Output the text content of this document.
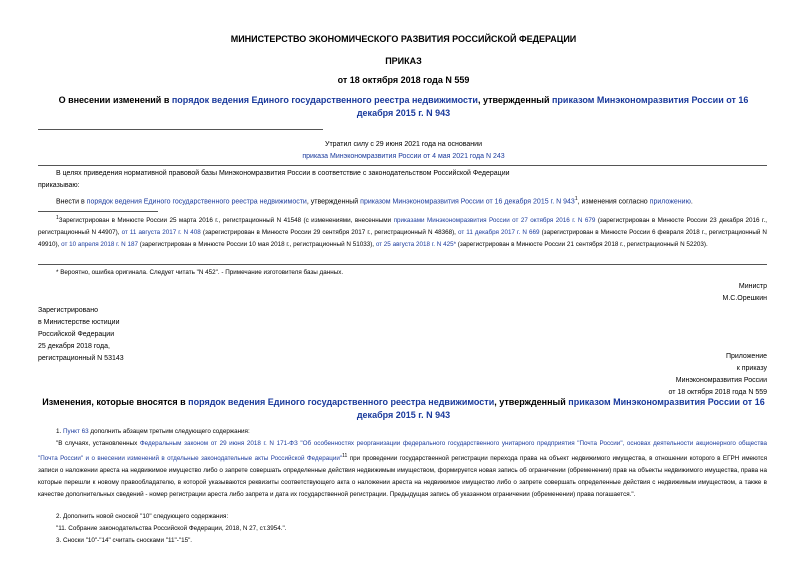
МИНИСТЕРСТВО ЭКОНОМИЧЕСКОГО РАЗВИТИЯ РОССИЙСКОЙ ФЕДЕРАЦИИ
ПРИКАЗ
от 18 октября 2018 года N 559
О внесении изменений в порядок ведения Единого государственного реестра недвижимости, утвержденный приказом Минэкономразвития России от 16 декабря 2015 г. N 943
Утратил силу с 29 июня 2021 года на основании
приказа Минэкономразвития России от 4 мая 2021 года N 243
В целях приведения нормативной правовой базы Минэкономразвития России в соответствие с законодательством Российской Федерации
приказываю:
Внести в порядок ведения Единого государственного реестра недвижимости, утвержденный приказом Минэкономразвития России от 16 декабря 2015 г. N $943^1$, изменения согласно приложению.
$^1$Зарегистрирован в Минюсте России 25 марта 2016 г., регистрационный N 41548 (с изменениями, внесенными приказами Минэкономразвития России от 27 октября 2016 г. N 679 (зарегистрирован в Минюсте России 23 декабря 2016 г., регистрационный N 44907), от 11 августа 2017 г. N 408 (зарегистрирован в Минюсте России 29 сентября 2017 г., регистрационный N 48368), от 11 декабря 2017 г. N 669 (зарегистрирован в Минюсте России 6 февраля 2018 г., регистрационный N 49910), от 10 апреля 2018 г. N 187 (зарегистрирован в Минюсте России 10 мая 2018 г., регистрационный N 51033), от 25 августа 2018 г. N 425* (зарегистрирован в Минюсте России 21 сентября 2018 г., регистрационный N 52203).
* Вероятно, ошибка оригинала. Следует читать "N 452". - Примечание изготовителя базы данных.
Министр
М.С.Орешкин
Зарегистрировано
в Министерстве юстиции
Российской Федерации
25 декабря 2018 года,
регистрационный N 53143	Приложение
к приказу
Минэкономразвития России
от 18 октября 2018 года N 559
Изменения, которые вносятся в порядок ведения Единого государственного реестра недвижимости, утвержденный приказом Минэкономразвития России от 16 декабря 2015 г. N 943
1. Пункт 63 дополнить абзацем третьим следующего содержания:
"В случаях, установленных Федеральным законом от 29 июня 2018 г. N 171-ФЗ "Об особенностях реорганизации федерального государственного унитарного предприятия "Почта России", основах деятельности акционерного общества "Почта России" и о внесении изменений в отдельные законодательные акты Российской Федерации"$^{11}$ при проведении государственной регистрации перехода права на объект недвижимого имущества, в отношении которого в ЕГРН имеются записи о наложении ареста на недвижимое имущество либо о запрете совершать определенные действия недвижимым имуществом, формируется новая запись об ограничении (обременении) прав на объекты недвижимого имущества, права на которые перешли к новому правообладателю, в которой указываются реквизиты соответствующего акта о наложении ареста на недвижимое имущество либо о запрете совершать определенные действия с недвижимым имуществом, а также в качестве дополнительных сведений - номер регистрации ареста либо запрета и дата их государственной регистрации. Предыдущая запись об указанном ограничении (обременении) права погашается.".
2. Дополнить новой сноской "10" следующего содержания:
"11. Собрание законодательства Российской Федерации, 2018, N 27, ст.3954.".
3. Сноски "10"-"14" считать сносками "11"-"15".
